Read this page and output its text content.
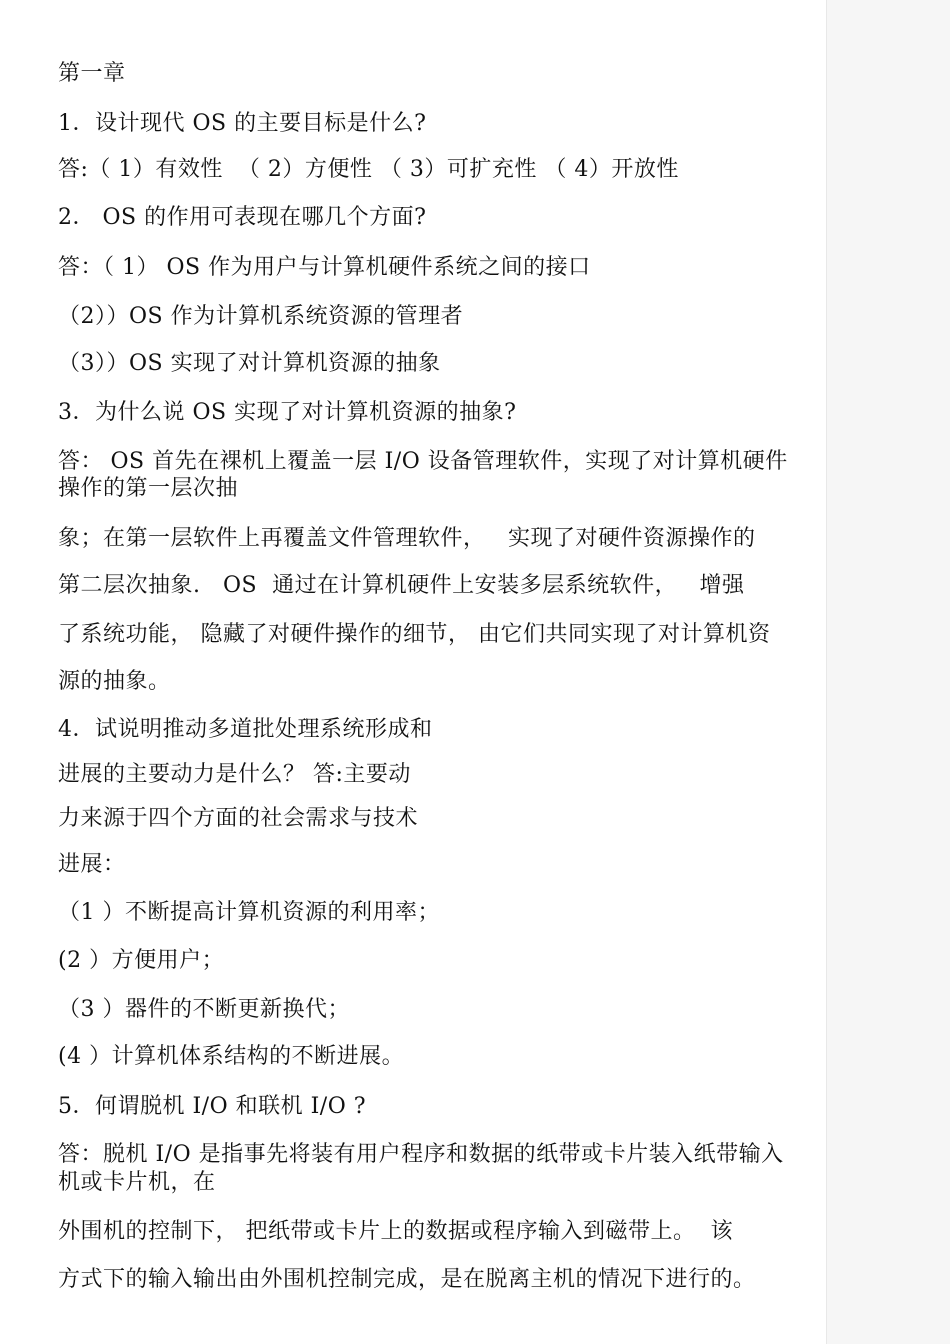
第一章
1．设计现代 OS 的主要目标是什么?
答:（ 1）有效性  （ 2）方便性 （ 3）可扩充性 （ 4）开放性
2． OS 的作用可表现在哪几个方面?
答：（ 1） OS 作为用户与计算机硬件系统之间的接口
（2））OS 作为计算机系统资源的管理者
（3））OS 实现了对计算机资源的抽象
3．为什么说 OS 实现了对计算机资源的抽象?
答： OS 首先在裸机上覆盖一层 I/O 设备管理软件，实现了对计算机硬件
操作的第一层次抽
象；在第一层软件上再覆盖文件管理软件，   实现了对硬件资源操作的
第二层次抽象.   OS  通过在计算机硬件上安装多层系统软件，   增强
了系统功能， 隐藏了对硬件操作的细节， 由它们共同实现了对计算机资
源的抽象。
4．试说明推动多道批处理系统形成和
进展的主要动力是什么？ 答:主要动
力来源于四个方面的社会需求与技术
进展：
（1 ）不断提高计算机资源的利用率；
(2 ）方便用户；
（3 ）器件的不断更新换代；
(4 ）计算机体系结构的不断进展。
5．何谓脱机 I/O 和联机 I/O ?
答：脱机 I/O 是指事先将装有用户程序和数据的纸带或卡片装入纸带输入
机或卡片机，在
外围机的控制下， 把纸带或卡片上的数据或程序输入到磁带上。  该
方式下的输入输出由外围机控制完成，是在脱离主机的情况下进行的。
